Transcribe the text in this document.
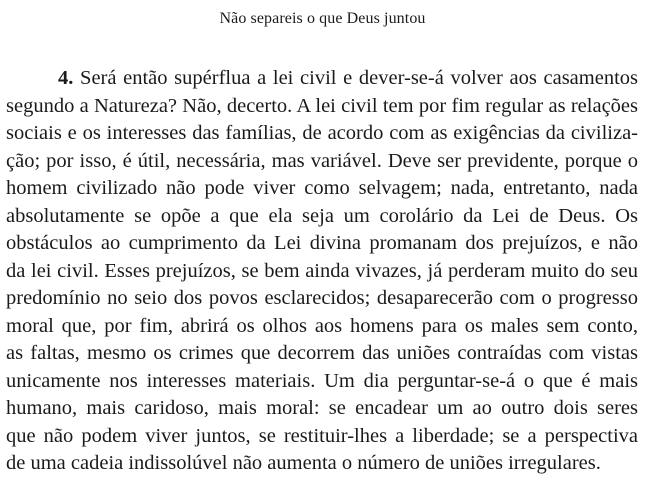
Não separeis o que Deus juntou
4. Será então supérflua a lei civil e dever-se-á volver aos casamentos
segundo a Natureza? Não, decerto. A lei civil tem por fim regular as relações
sociais e os interesses das famílias, de acordo com as exigências da civiliza-
ção; por isso, é útil, necessária, mas variável. Deve ser previdente, porque o
homem civilizado não pode viver como selvagem; nada, entretanto, nada
absolutamente se opõe a que ela seja um corolário da Lei de Deus. Os
obstáculos ao cumprimento da Lei divina promanam dos prejuízos, e não
da lei civil. Esses prejuízos, se bem ainda vivazes, já perderam muito do seu
predomínio no seio dos povos esclarecidos; desaparecerão com o progresso
moral que, por fim, abrirá os olhos aos homens para os males sem conto,
as faltas, mesmo os crimes que decorrem das uniões contraídas com vistas
unicamente nos interesses materiais. Um dia perguntar-se-á o que é mais
humano, mais caridoso, mais moral: se encadear um ao outro dois seres
que não podem viver juntos, se restituir-lhes a liberdade; se a perspectiva
de uma cadeia indissolúvel não aumenta o número de uniões irregulares.
